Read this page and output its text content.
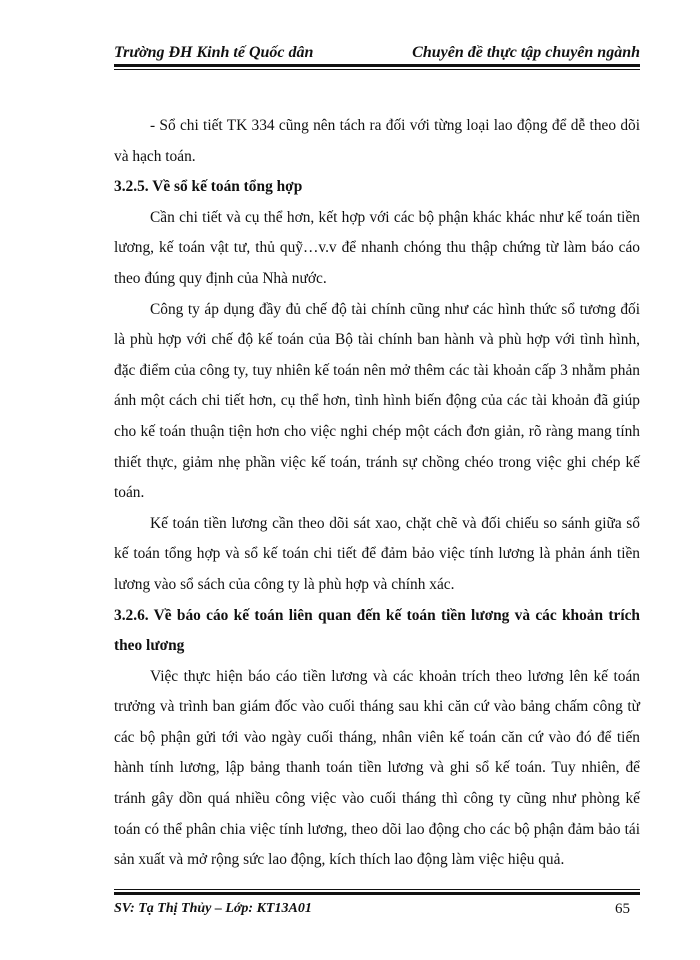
Trường ĐH Kinh tế Quốc dân	Chuyên đề thực tập chuyên ngành

- Sổ chi tiết TK 334 cũng nên tách ra đối với từng loại lao động để dễ theo dõi và hạch toán.

3.2.5. Về sổ kế toán tổng hợp

Cần chi tiết và cụ thể hơn, kết hợp với các bộ phận khác khác như kế toán tiền lương, kế toán vật tư, thủ quỹ…v.v để nhanh chóng thu thập chứng từ làm báo cáo theo đúng quy định của Nhà nước.

Công ty áp dụng đầy đủ chế độ tài chính cũng như các hình thức sổ tương đối là phù hợp với chế độ kế toán của Bộ tài chính ban hành và phù hợp với tình hình, đặc điểm của công ty, tuy nhiên kế toán nên mở thêm các tài khoản cấp 3 nhằm phản ánh một cách chi tiết hơn, cụ thể hơn, tình hình biến động của các tài khoản đã giúp cho kế toán thuận tiện hơn cho việc nghi chép một cách đơn giản, rõ ràng mang tính thiết thực, giảm nhẹ phần việc kế toán, tránh sự chồng chéo trong việc ghi chép kế toán.

Kế toán tiền lương cần theo dõi sát xao, chặt chẽ và đối chiếu so sánh giữa sổ kế toán tổng hợp và sổ kế toán chi tiết để đảm bảo việc tính lương là phản ánh tiền lương vào sổ sách của công ty là phù hợp và chính xác.

3.2.6. Về báo cáo kế toán liên quan đến kế toán tiền lương và các khoản trích theo lương

Việc thực hiện báo cáo tiền lương và các khoản trích theo lương lên kế toán trưởng và trình ban giám đốc vào cuối tháng sau khi căn cứ vào bảng chấm công từ các bộ phận gửi tới vào ngày cuối tháng, nhân viên kế toán căn cứ vào đó để tiến hành tính lương, lập bảng thanh toán tiền lương và ghi sổ kế toán. Tuy nhiên, để tránh gây dồn quá nhiều công việc vào cuối tháng thì công ty cũng như phòng kế toán có thể phân chia việc tính lương, theo dõi lao động cho các bộ phận đảm bảo tái sản xuất và mở rộng sức lao động, kích thích lao động làm việc hiệu quả.

SV: Tạ Thị Thủy – Lớp: KT13A01	65
